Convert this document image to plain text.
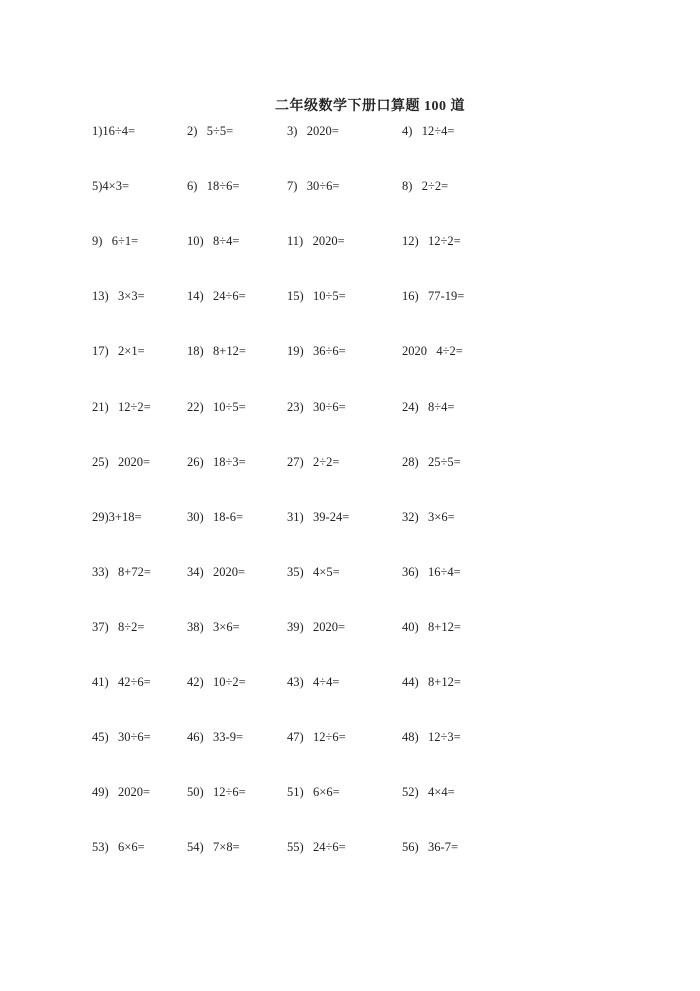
二年级数学下册口算题 100 道
1)16÷4=	2)   5÷5=	3)   2020=	4)   12÷4=
5)4×3=	6)   18÷6=	7)   30÷6=	8)   2÷2=
9)   6÷1=	10)   8÷4=	11)   2020=	12)   12÷2=
13)   3×3=	14)   24÷6=	15)   10÷5=	16)   77-19=
17)   2×1=	18)   8+12=	19)   36÷6=	2020   4÷2=
21)   12÷2=	22)   10÷5=	23)   30÷6=	24)   8÷4=
25)   2020=	26)   18÷3=	27)   2÷2=	28)   25÷5=
29)3+18=	30)   18-6=	31)   39-24=	32)   3×6=
33)   8+72=	34)   2020=	35)   4×5=	36)   16÷4=
37)   8÷2=	38)   3×6=	39)   2020=	40)   8+12=
41)   42÷6=	42)   10÷2=	43)   4÷4=	44)   8+12=
45)   30÷6=	46)   33-9=	47)   12÷6=	48)   12÷3=
49)   2020=	50)   12÷6=	51)   6×6=	52)   4×4=
53)   6×6=	54)   7×8=	55)   24÷6=	56)   36-7=
